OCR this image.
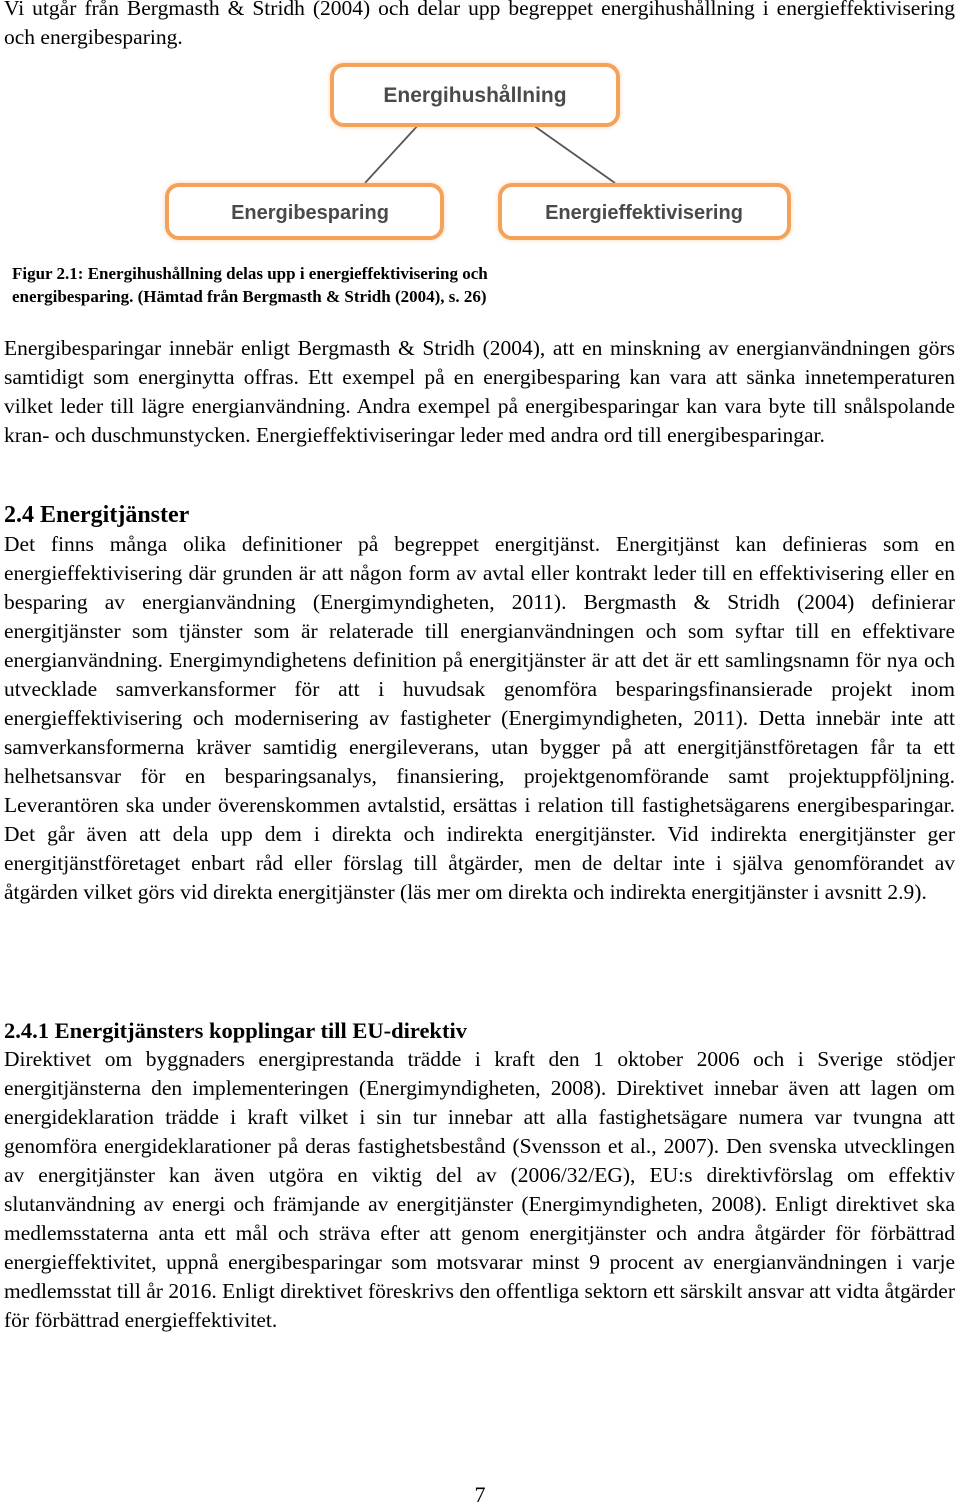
Vi utgår från Bergmasth & Stridh (2004) och delar upp begreppet energihushållning i energieffektivisering och energibesparing.

Energihushållning
Energibesparing	Energieffektivisering

Figur 2.1: Energihushållning delas upp i energieffektivisering och
energibesparing. (Hämtad från Bergmasth & Stridh (2004), s. 26)

Energibesparingar innebär enligt Bergmasth & Stridh (2004), att en minskning av energianvändningen görs samtidigt som energinytta offras. Ett exempel på en energibesparing kan vara att sänka innetemperaturen vilket leder till lägre energianvändning. Andra exempel på energibesparingar kan vara byte till snålspolande kran- och duschmunstycken. Energieffektiviseringar leder med andra ord till energibesparingar.

2.4 Energitjänster

Det finns många olika definitioner på begreppet energitjänst. Energitjänst kan definieras som en energieffektivisering där grunden är att någon form av avtal eller kontrakt leder till en effektivisering eller en besparing av energianvändning (Energimyndigheten, 2011). Bergmasth & Stridh (2004) definierar energitjänster som tjänster som är relaterade till energianvändningen och som syftar till en effektivare energianvändning. Energimyndighetens definition på energitjänster är att det är ett samlingsnamn för nya och utvecklade samverkansformer för att i huvudsak genomföra besparingsfinansierade projekt inom energieffektivisering och modernisering av fastigheter (Energimyndigheten, 2011). Detta innebär inte att samverkansformerna kräver samtidig energileverans, utan bygger på att energitjänstföretagen får ta ett helhetsansvar för en besparingsanalys, finansiering, projektgenomförande samt projektuppföljning. Leverantören ska under överenskommen avtalstid, ersättas i relation till fastighetsägarens energibesparingar. Det går även att dela upp dem i direkta och indirekta energitjänster. Vid indirekta energitjänster ger energitjänstföretaget enbart råd eller förslag till åtgärder, men de deltar inte i själva genomförandet av åtgärden vilket görs vid direkta energitjänster (läs mer om direkta och indirekta energitjänster i avsnitt 2.9).

2.4.1 Energitjänsters kopplingar till EU-direktiv

Direktivet om byggnaders energiprestanda trädde i kraft den 1 oktober 2006 och i Sverige stödjer energitjänsterna den implementeringen (Energimyndigheten, 2008). Direktivet innebar även att lagen om energideklaration trädde i kraft vilket i sin tur innebar att alla fastighetsägare numera var tvungna att genomföra energideklarationer på deras fastighetsbestånd (Svensson et al., 2007). Den svenska utvecklingen av energitjänster kan även utgöra en viktig del av (2006/32/EG), EU:s direktivförslag om effektiv slutanvändning av energi och främjande av energitjänster (Energimyndigheten, 2008). Enligt direktivet ska medlemsstaterna anta ett mål och sträva efter att genom energitjänster och andra åtgärder för förbättrad energieffektivitet, uppnå energibesparingar som motsvarar minst 9 procent av energianvändningen i varje medlemsstat till år 2016. Enligt direktivet föreskrivs den offentliga sektorn ett särskilt ansvar att vidta åtgärder för förbättrad energieffektivitet.

7
